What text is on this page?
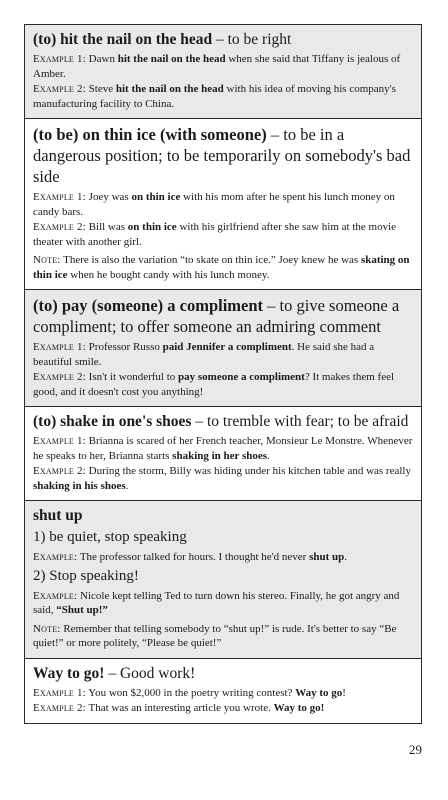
(to) hit the nail on the head – to be right

Example 1: Dawn hit the nail on the head when she said that Tiffany is jealous of Amber.

Example 2: Steve hit the nail on the head with his idea of moving his company's manufacturing facility to China.

(to be) on thin ice (with someone) – to be in a dangerous position; to be temporarily on somebody's bad side

Example 1: Joey was on thin ice with his mom after he spent his lunch money on candy bars.

Example 2: Bill was on thin ice with his girlfriend after she saw him at the movie theater with another girl.

Note: There is also the variation “to skate on thin ice.” Joey knew he was skating on thin ice when he bought candy with his lunch money.

(to) pay (someone) a compliment – to give someone a compliment; to offer someone an admiring comment

Example 1: Professor Russo paid Jennifer a compliment. He said she had a beautiful smile.

Example 2: Isn't it wonderful to pay someone a compliment? It makes them feel good, and it doesn't cost you anything!

(to) shake in one's shoes – to tremble with fear; to be afraid

Example 1: Brianna is scared of her French teacher, Monsieur Le Monstre. Whenever he speaks to her, Brianna starts shaking in her shoes.

Example 2: During the storm, Billy was hiding under his kitchen table and was really shaking in his shoes.

shut up

1) be quiet, stop speaking

Example: The professor talked for hours. I thought he'd never shut up.

2) Stop speaking!

Example: Nicole kept telling Ted to turn down his stereo. Finally, he got angry and said, “Shut up!”

Note: Remember that telling somebody to “shut up!” is rude. It's better to say “Be quiet!” or more politely, “Please be quiet!”

Way to go! – Good work!

Example 1: You won $2,000 in the poetry writing contest? Way to go!

Example 2: That was an interesting article you wrote. Way to go!

29
